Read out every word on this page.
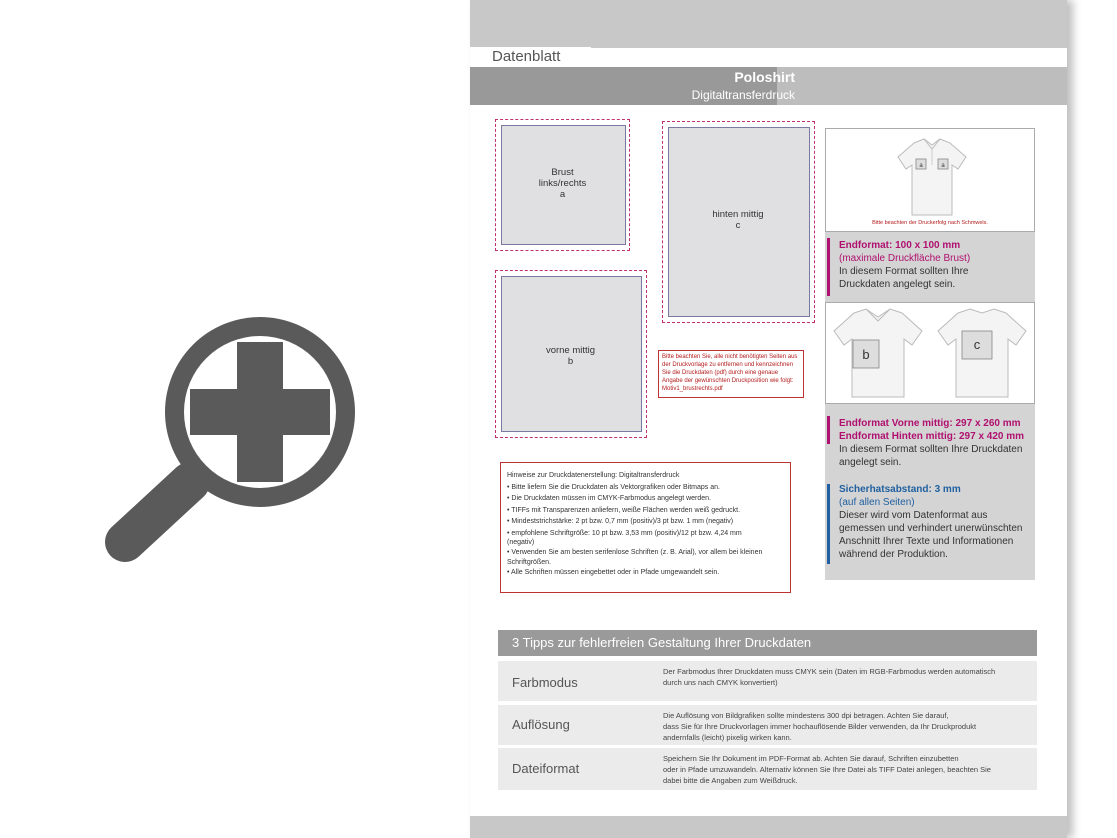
Datenblatt
Poloshirt
Digitaltransferdruck
Brust
links/rechts
a
hinten mittig
c
vorne mittig
b	Bitte beachten Sie, alle nicht benötigten Seiten aus der Druckvorlage zu entfernen und kennzeichnen Sie die Druckdaten (pdf) durch eine genaue Angabe der gewünschten Druckposition wie folgt: Motiv1_brustrechts.pdf
a	a
Bitte beachten der Druckerfolg nach Schmwels.
Endformat: 100 x 100 mm
(maximale Druckfläche Brust)
In diesem Format sollten Ihre
Druckdaten angelegt sein.
b
c
Endformat Vorne mittig: 297 x 260 mm
Endformat Hinten mittig: 297 x 420 mm
In diesem Format sollten Ihre Druckdaten
angelegt sein.
Sicherhatsabstand: 3 mm
(auf allen Seiten)
Dieser wird vom Datenformat aus
gemessen und verhindert unerwünschten
Anschnitt Ihrer Texte und Informationen
während der Produktion.
Hinweise zur Druckdatenerstellung: Digitaltransferdruck
• Bitte liefern Sie die Druckdaten als Vektorgrafiken oder Bitmaps an.
• Die Druckdaten müssen im CMYK-Farbmodus angelegt werden.
• TIFFs mit Transparenzen anliefern, weiße Flächen werden weiß gedruckt.
• Mindeststrichstärke: 2 pt bzw. 0,7 mm (positiv)/3 pt bzw. 1 mm (negativ)
• empfohlene Schriftgröße: 10 pt bzw. 3,53 mm (positiv)/12 pt bzw. 4,24 mm
(negativ)
• Verwenden Sie am besten serifenlose Schriften (z. B. Arial), vor allem bei kleinen
Schriftgrößen.
• Alle Schriften müssen eingebettet oder in Pfade umgewandelt sein.
3 Tipps zur fehlerfreien Gestaltung Ihrer Druckdaten
Farbmodus
Der Farbmodus Ihrer Druckdaten muss CMYK sein (Daten im RGB-Farbmodus werden automatisch
durch uns nach CMYK konvertiert)
Auflösung
Die Auflösung von Bildgrafiken sollte mindestens 300 dpi betragen. Achten Sie darauf,
dass Sie für Ihre Druckvorlagen immer hochauflösende Bilder verwenden, da Ihr Druckprodukt
andernfalls (leicht) pixelig wirken kann.
Dateiformat
Speichern Sie Ihr Dokument im PDF-Format ab. Achten Sie darauf, Schriften einzubetten
oder in Pfade umzuwandeln. Alternativ können Sie Ihre Datei als TIFF Datei anlegen, beachten Sie
dabei bitte die Angaben zum Weißdruck.
